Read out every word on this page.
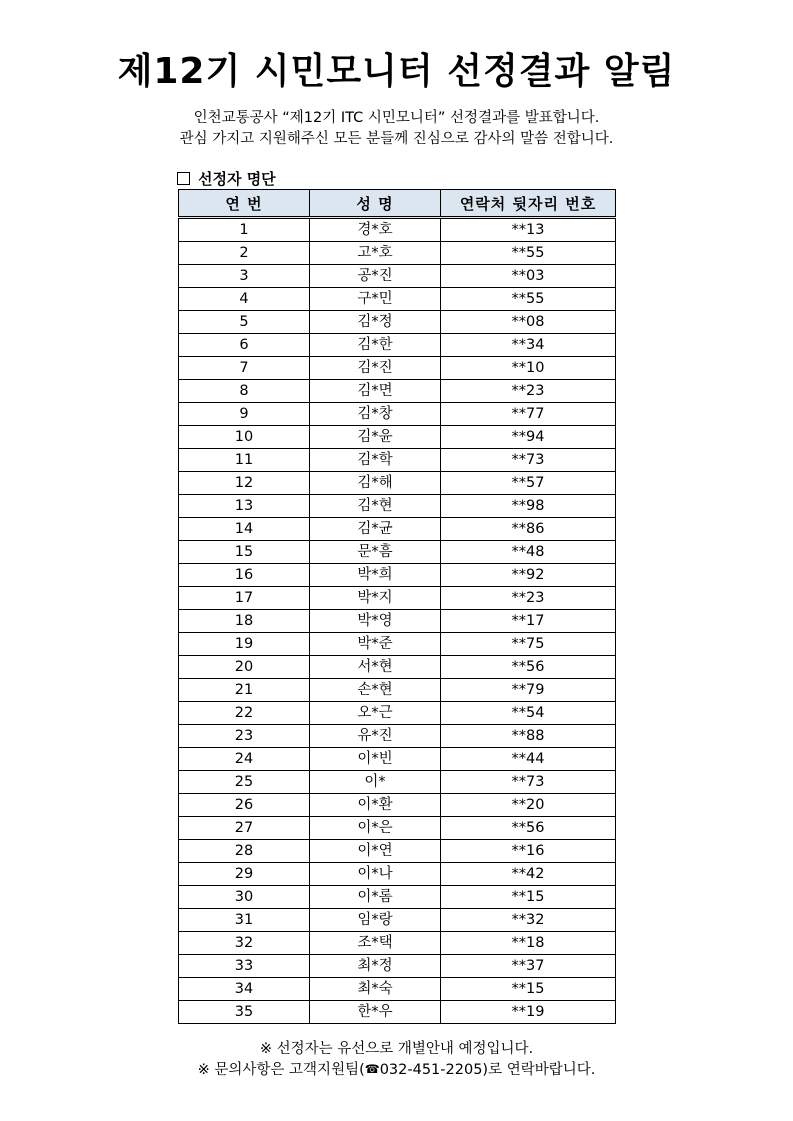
제12기 시민모니터 선정결과 알림
인천교통공사 “제12기 ITC 시민모니터” 선정결과를 발표합니다.
관심 가지고 지원해주신 모든 분들께 진심으로 감사의 말씀 전합니다.
선정자 명단
연 번	성 명	연락처 뒷자리 번호
1	경*호	**13
2	고*호	**55
3	공*진	**03
4	구*민	**55
5	김*정	**08
6	김*한	**34
7	김*진	**10
8	김*면	**23
9	김*창	**77
10	김*윤	**94
11	김*학	**73
12	김*해	**57
13	김*현	**98
14	김*균	**86
15	문*흠	**48
16	박*희	**92
17	박*지	**23
18	박*영	**17
19	박*준	**75
20	서*현	**56
21	손*현	**79
22	오*근	**54
23	유*진	**88
24	이*빈	**44
25	이*	**73
26	이*환	**20
27	이*은	**56
28	이*연	**16
29	이*나	**42
30	이*롬	**15
31	임*랑	**32
32	조*택	**18
33	최*정	**37
34	최*숙	**15
35	한*우	**19
※ 선정자는 유선으로 개별안내 예정입니다.
※ 문의사항은 고객지원팀(☎032-451-2205)로 연락바랍니다.
